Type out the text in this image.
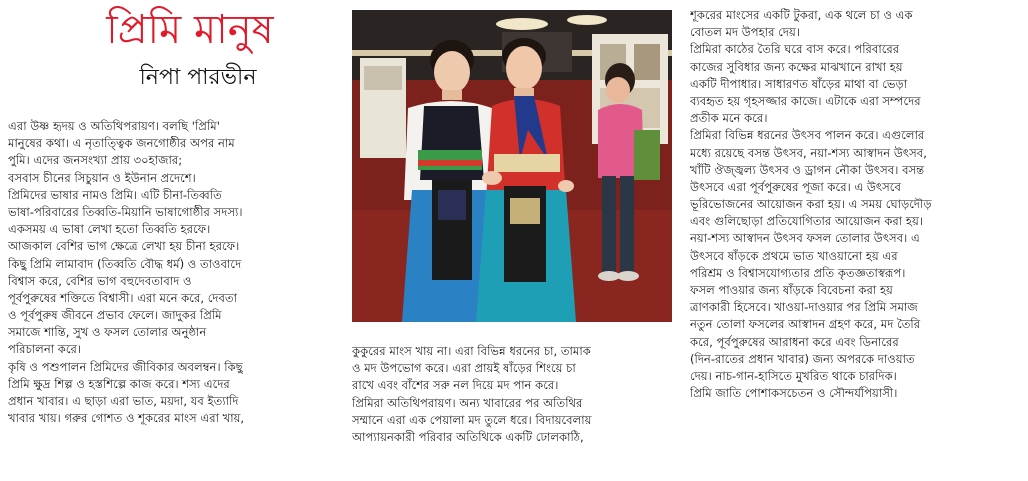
প্রিমি মানুষ
নিপা পারভীন
এরা উষ্ণ হৃদয় ও অতিথিপরায়ণ। বলছি 'প্রিমি'
মানুষের কথা। এ নৃতাত্ত্বিক জনগোষ্ঠীর অপর নাম
পুমি। এদের জনসংখ্যা প্রায় ৩০হাজার;
বসবাস চীনের সিচুয়ান ও ইউনান প্রদেশে।
প্রিমিদের ভাষার নামও প্রিমি। এটি চীনা-তিব্বতি
ভাষা-পরিবারের তিব্বতি-মিয়ানি ভাষাগোষ্ঠীর সদস্য।
একসময় এ ভাষা লেখা হতো তিব্বতি হরফে।
আজকাল বেশির ভাগ ক্ষেত্রে লেখা হয় চীনা হরফে।
কিছু প্রিমি লামাবাদ (তিব্বতি বৌদ্ধ ধর্ম) ও তাওবাদে
বিশ্বাস করে, বেশির ভাগ বহুদেবতাবাদ ও
পূর্বপুরুষের শক্তিতে বিশ্বাসী। এরা মনে করে, দেবতা
ও পূর্বপুরুষ জীবনে প্রভাব ফেলে। জাদুকর প্রিমি
সমাজে শান্তি, সুখ ও ফসল তোলার অনুষ্ঠান
পরিচালনা করে।
কৃষি ও পশুপালন প্রিমিদের জীবিকার অবলম্বন। কিছু
প্রিমি ক্ষুদ্র শিল্প ও হস্তশিল্পে কাজ করে। শস্য এদের
প্রধান খাবার। এ ছাড়া এরা ভাত, ময়দা, যব ইত্যাদি
খাবার খায়। গরুর গোশত ও শূকরের মাংস এরা খায়,
কুকুরের মাংস খায় না। এরা বিভিন্ন ধরনের চা, তামাক
ও মদ উপভোগ করে। এরা প্রায়ই ষাঁড়ের শিংয়ে চা
রাখে এবং বাঁশের সরু নল দিয়ে মদ পান করে।
প্রিমিরা অতিথিপরায়ণ। অন্য খাবারের পর অতিথির
সম্মানে এরা এক পেয়ালা মদ তুলে ধরে। বিদায়বেলায়
আপ্যায়নকারী পরিবার অতিথিকে একটি ঢোলকাঠি,
শূকরের মাংসের একটি টুকরা, এক থলে চা ও এক
বোতল মদ উপহার দেয়।
প্রিমিরা কাঠের তৈরি ঘরে বাস করে। পরিবারের
কাজের সুবিধার জন্য কক্ষের মাঝখানে রাখা হয়
একটি দীপাধার। সাধারণত ষাঁড়ের মাথা বা ভেড়া
ব্যবহৃত হয় গৃহসজ্জার কাজে। এটাকে এরা সম্পদের
প্রতীক মনে করে।
প্রিমিরা বিভিন্ন ধরনের উৎসব পালন করে। এগুলোর
মধ্যে রয়েছে বসন্ত উৎসব, নয়া-শস্য আস্বাদন উৎসব,
খাঁটি ঔজ্জ্বল্য উৎসব ও ড্রাগন নৌকা উৎসব। বসন্ত
উৎসবে এরা পূর্বপুরুষের পূজা করে। এ উৎসবে
ভূরিভোজনের আয়োজন করা হয়। এ সময় ঘোড়দৌড়
এবং গুলিছোড়া প্রতিযোগিতার আয়োজন করা হয়।
নয়া-শস্য আস্বাদন উৎসব ফসল তোলার উৎসব। এ
উৎসবে ষাঁড়কে প্রথমে ভাত খাওয়ানো হয় এর
পরিশ্রম ও বিশ্বাসযোগ্যতার প্রতি কৃতজ্ঞতাস্বরূপ।
ফসল পাওয়ার জন্য ষাঁড়কে বিবেচনা করা হয়
ত্রাণকারী হিসেবে। খাওয়া-দাওয়ার পর প্রিমি সমাজ
নতুন তোলা ফসলের আস্বাদন গ্রহণ করে, মদ তৈরি
করে, পূর্বপুরুষের আরাধনা করে এবং ডিনারের
(দিন-রাতের প্রধান খাবার) জন্য অপরকে দাওয়াত
দেয়। নাচ-গান-হাসিতে মুখরিত থাকে চারদিক।
প্রিমি জাতি পোশাকসচেতন ও সৌন্দর্যপিয়াসী।
